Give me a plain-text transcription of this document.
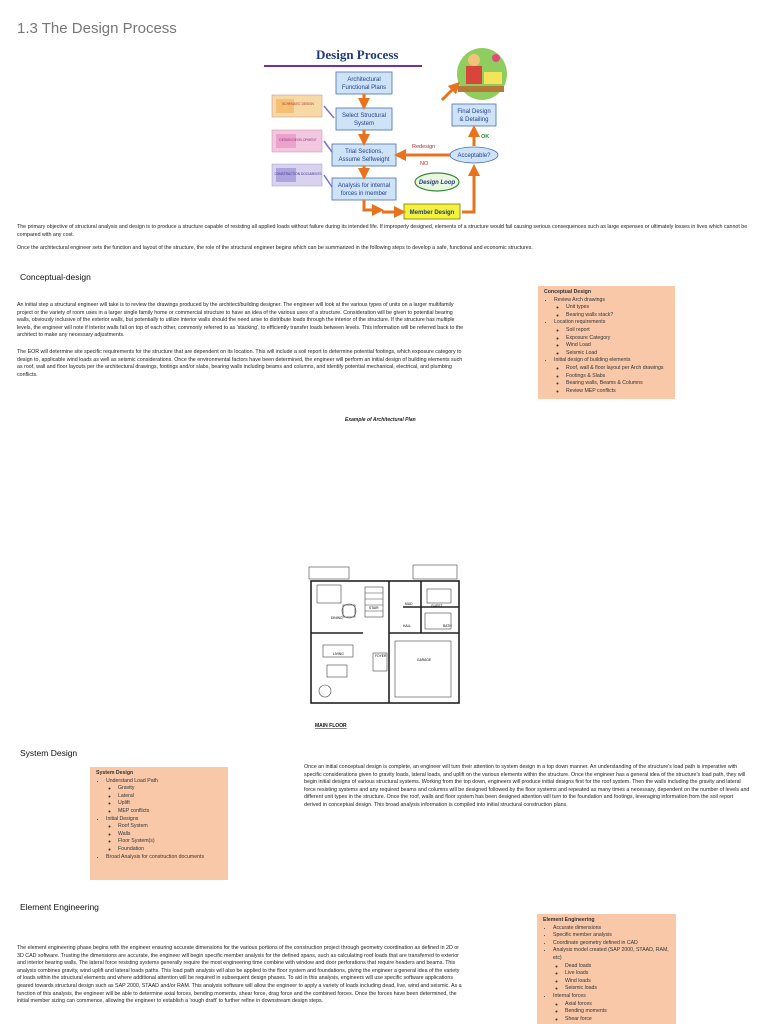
1.3 The Design Process
Design Process
SCHEMATIC DESIGN
DESIGN DEVELOPMENT
CONSTRUCTION DOCUMENTS
Architectural
Functional Plans
Select Structural
System
Trial Sections,
Assume Selfweight
Analysis for internal
forces in member
Member Design
Final Design
& Detailing
Acceptable?
Design Loop
Redesign
NO
OK

The primary objective of structural analysis and design is to produce a structure capable of resisting all applied loads without failure during its intended life. If improperly designed, elements of a structure would fail causing serious consequences such as large expenses or ultimately losses in lives which cannot be compared with any cost.

Once the architectural engineer sets the function and layout of the structure, the role of the structural engineer begins which can be summarized in the following steps to develop a safe, functional and economic structures.

Conceptual-design

An initial step a structural engineer will take is to review the drawings produced by the architect/building designer. The engineer will look at the various types of units on a larger multifamily project or the variety of room uses in a larger single family home or commercial structure to have an idea of the various uses of a structure. Consideration will be given to potential bearing walls, obviously inclusive of the exterior walls, but potentially to utilize interior walls should the need arise to distribute loads through the interior of the structure. If the structure has multiple levels, the engineer will note if interior walls fall on top of each other, commonly referred to as 'stacking', to efficiently transfer loads between levels. This information will be referred back to the architect to make any necessary adjustments.

The EOR will determine site specific requirements for the structure that are dependent on its location. This will include a soil report to determine potential footings, which exposure category to design to, applicable wind loads as well as seismic considerations. Once the environmental factors have been determined, the engineer will perform an initial design of building elements such as roof, wall and floor layouts per the architectural drawings, footings and/or slabs, bearing walls including beams and columns, and identify potential mechanical, electrical, and plumbing conflicts.

Conceptual Design
• Review Arch drawings
◦ Unit types
◦ Bearing walls stack?
• Location requirements
◦ Soil report
◦ Exposure Category
◦ Wind Load
◦ Seismic Load
• Initial design of building elements
◦ Roof, wall & floor layout per Arch drawings
◦ Footings & Slabs
◦ Bearing walls, Beams & Columns
◦ Review MEP conflicts
Example of Architectural Plan
STAIR
MUD	GUEST
HALL	BATH
DINING
LIVING	FOYER
GARAGE
MAIN FLOOR
System Design
System Design
• Understand Load Path
◦ Gravity
◦ Lateral
◦ Uplift
◦ MEP conflicts
• Initial Designs
◦ Roof System
◦ Walls
◦ Floor System(s)
◦ Foundation
• Broad Analysis for construction documents

Once an initial conceptual design is complete, an engineer will turn their attention to system design in a top down manner. An understanding of the structure's load path is imperative with specific considerations given to gravity loads, lateral loads, and uplift on the various elements within the structure. Once the engineer has a general idea of the structure's load path, they will begin initial designs of various structural systems. Working from the top down, engineers will produce initial designs first for the roof system. Then the walls including the gravity and lateral force resisting systems and any required beams and columns will be designed followed by the floor systems and repeated as many times a necessary, dependent on the number of levels and different unit types in the structure. Once the roof, walls and floor system has been designed attention will turn to the foundation and footings, leveraging information from the soil report derived in conceptual design. This broad analysis information is compiled into initial structural construction plans.

Element Engineering

The element engineering phase begins with the engineer ensuring accurate dimensions for the various portions of the construction project through geometry coordination as defined in 2D or 3D CAD software. Trusting the dimensions are accurate, the engineer will begin specific member analysis for the defined spans, such as calculating roof loads that are transferred to exterior and interior bearing walls. The lateral force resisting systems generally require the most engineering time combine with window and door perforations that require headers and beams. This analysis combines gravity, wind uplift and lateral loads paths. This load path analysis will also be applied to the floor system and foundations, giving the engineer a general idea of the variety of loads within the structural elements and where additional attention will be required in subsequent design phases. To aid in this analysis, engineers will use specific software applications geared towards structural design such as SAP 2000, STAAD and/or RAM. This analysis software will allow the engineer to apply a variety of loads including dead, live, wind and seismic. As a function of this analysis, the engineer will be able to determine axial forces, bending moments, shear force, drag force and the combined forces. Once the forces have been determined, the initial member sizing can commence, allowing the engineer to establish a 'rough draft' to further refine in downstream design steps.

Element Engineering
• Accurate dimensions
• Specific member analysis
• Coordinate geometry defined in CAD
• Analysis model created (SAP 2000, STAAD, RAM, etc)
◦ Dead loads
◦ Live loads
◦ Wind loads
◦ Seismic loads
• Internal forces
◦ Axial forces
◦ Bending moments
◦ Shear force
